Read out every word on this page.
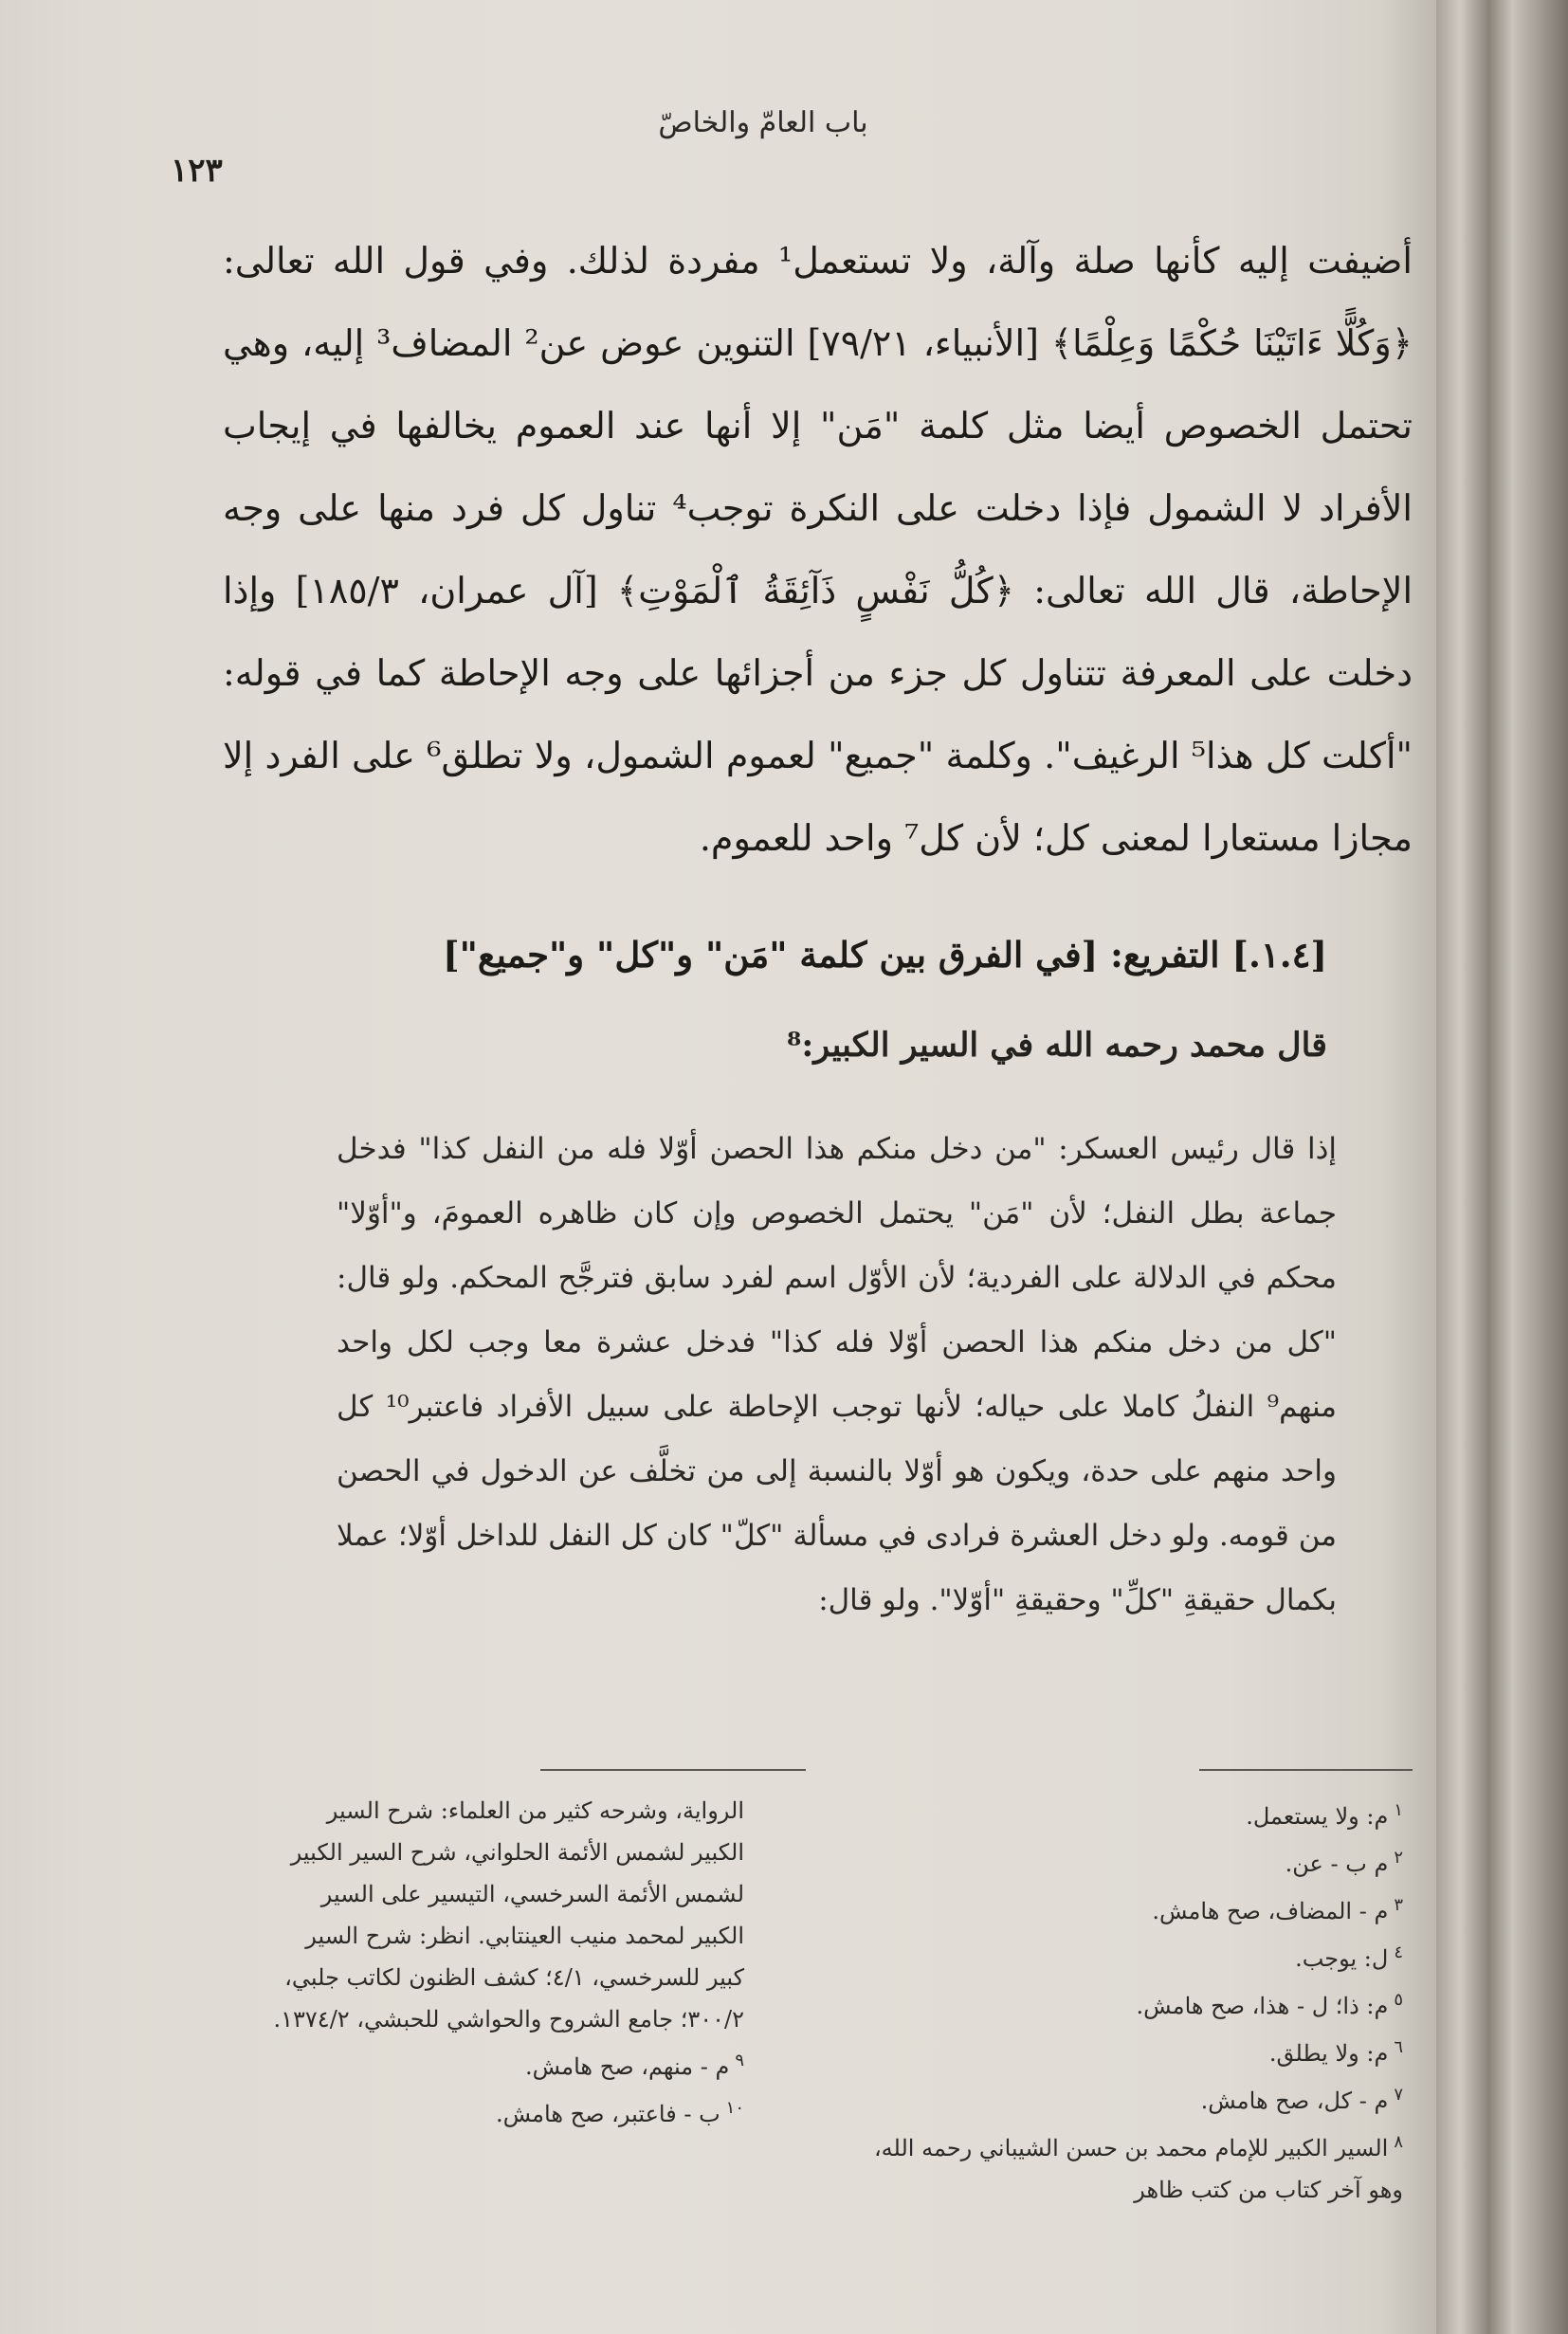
باب العامّ والخاصّ
١٢٣

أضيفت إليه كأنها صلة وآلة، ولا تستعمل¹ مفردة لذلك. وفي قول الله تعالى: ﴿وَكُلًّا ءَاتَيْنَا حُكْمًا وَعِلْمًا﴾ [الأنبياء، ٧٩/٢١] التنوين عوض عن² المضاف³ إليه، وهي تحتمل الخصوص أيضا مثل كلمة "مَن" إلا أنها عند العموم يخالفها في إيجاب الأفراد لا الشمول فإذا دخلت على النكرة توجب⁴ تناول كل فرد منها على وجه الإحاطة، قال الله تعالى: ﴿كُلُّ نَفْسٍ ذَآئِقَةُ ٱلْمَوْتِ﴾ [آل عمران، ١٨٥/٣] وإذا دخلت على المعرفة تتناول كل جزء من أجزائها على وجه الإحاطة كما في قوله: "أكلت كل هذا⁵ الرغيف". وكلمة "جميع" لعموم الشمول، ولا تطلق⁶ على الفرد إلا مجازا مستعارا لمعنى كل؛ لأن كل⁷ واحد للعموم.

[١.٤.] التفريع: [في الفرق بين كلمة "مَن" و"كل" و"جميع"]
قال محمد رحمه الله في السير الكبير:⁸

إذا قال رئيس العسكر: "من دخل منكم هذا الحصن أوّلا فله من النفل كذا" فدخل جماعة بطل النفل؛ لأن "مَن" يحتمل الخصوص وإن كان ظاهره العمومَ، و"أوّلا" محكم في الدلالة على الفردية؛ لأن الأوّل اسم لفرد سابق فترجَّح المحكم. ولو قال: "كل من دخل منكم هذا الحصن أوّلا فله كذا" فدخل عشرة معا وجب لكل واحد منهم⁹ النفلُ كاملا على حياله؛ لأنها توجب الإحاطة على سبيل الأفراد فاعتبر¹⁰ كل واحد منهم على حدة، ويكون هو أوّلا بالنسبة إلى من تخلَّف عن الدخول في الحصن من قومه. ولو دخل العشرة فرادى في مسألة "كلّ" كان كل النفل للداخل أوّلا؛ عملا بكمال حقيقةِ "كلِّ" وحقيقةِ "أوّلا". ولو قال:

$^١$م: ولا يستعمل.

$^٢$م ب - عن.

$^٣$م - المضاف، صح هامش.

$^٤$ل: يوجب.

$^٥$م: ذا؛ ل - هذا، صح هامش.

$^٦$م: ولا يطلق.

$^٧$م - كل، صح هامش.

$^٨$السير الكبير للإمام محمد بن حسن الشيباني رحمه الله، وهو آخر كتاب من كتب ظاهر

الرواية، وشرحه كثير من العلماء: شرح السير الكبير لشمس الأئمة الحلواني، شرح السير الكبير لشمس الأئمة السرخسي، التيسير على السير الكبير لمحمد منيب العينتابي. انظر: شرح السير كبير للسرخسي، ٤/١؛ كشف الظنون لكاتب جلبي، ٣٠٠/٢؛ جامع الشروح والحواشي للحبشي، ١٣٧٤/٢.

$^٩$م - منهم، صح هامش.

$^{١٠}$ب - فاعتبر، صح هامش.
